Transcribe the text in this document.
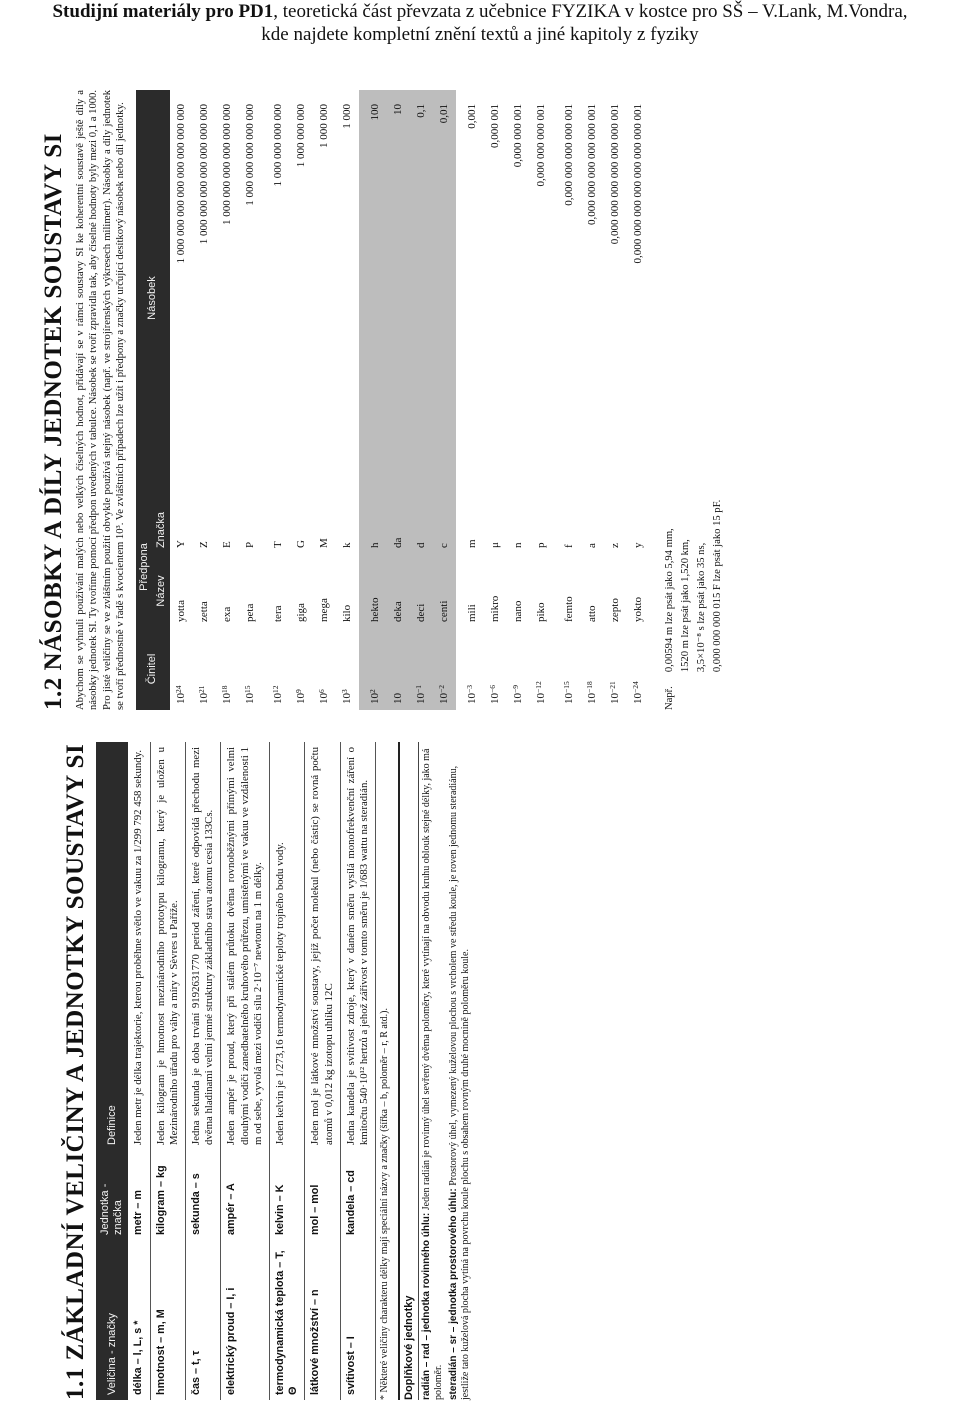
Studijní materiály pro PD1, teoretická část převzata z učebnice FYZIKA v kostce pro SŠ – V.Lank, M.Vondra,
kde najdete kompletní znění textů a jiné kapitoly z fyziky
1.1 ZÁKLADNÍ VELIČINY A JEDNOTKY SOUSTAVY SI Veličina - značky	Jednotka - značka	Definice
délka – l, L, s *	metr – m	Jeden metr je délka trajektorie, kterou proběhne světlo ve vakuu za 1/299 792 458 sekundy.
hmotnost – m, M	kilogram – kg	Jeden kilogram je hmotnost mezinárodního prototypu kilogramu, který je uložen u Mezinárodního úřadu pro váhy a míry v Sèvres u Paříže.
čas – t, τ	sekunda – s	Jedna sekunda je doba trvání 9192631770 period záření, které odpovídá přechodu mezi dvěma hladinami velmi jemné struktury základního stavu atomu cesia 133Cs.
elektrický proud – I, i	ampér – A	Jeden ampér je proud, který při stálém průtoku dvěma rovnoběžnými přímými velmi dlouhými vodiči zanedbatelného kruhového průřezu, umístěnými ve vakuu ve vzdálenosti 1 m od sebe, vyvolá mezi vodiči sílu 2·10⁻⁷ newtonu na 1 m délky.
termodynamická teplota – T, Θ	kelvin – K	Jeden kelvin je 1/273,16 termodynamické teploty trojného bodu vody.
látkové množství – n	mol – mol	Jeden mol je látkové množství soustavy, jejíž počet molekul (nebo částic) se rovná počtu atomů v 0,012 kg izotopu uhlíku 12C
svítivost – I	kandela – cd	Jedna kandela je svítivost zdroje, který v daném směru vysílá monofrekvenční záření o kmitočtu 540·10¹² hertzů a jehož zářivost v tomto směru je 1/683 wattu na steradián.
* Některé veličiny charakteru délky mají speciální názvy a značky (šířka – b, poloměr – r, R atd.).	Doplňkové jednotky radián – rad – jednotka rovinného úhlu: Jeden radián je rovinný úhel sevřený dvěma poloměry, které vytínají na obvodu kruhu oblouk stejné délky, jako má poloměr. steradián – sr – jednotka prostorového úhlu: Prostorový úhel, vymezený kuželovou plochou s vrcholem ve středu koule, je roven jednomu steradiánu, jestliže tato kuželová plocha vytíná na povrchu koule plochu s obsahem rovným druhé mocnině poloměru koule.

1.2 NÁSOBKY A DÍLY JEDNOTEK SOUSTAVY SI Abychom se vyhnuli používání malých nebo velkých číselných hodnot, přidávají se v rámci soustavy SI ke koherentní soustavě ještě díly a násobky jednotek SI. Ty tvoříme pomocí předpon uvedených v tabulce. Násobek se tvoří zpravidla tak, aby číselné hodnoty byly mezi 0,1 a 1000. Pro jisté veličiny se ve zvláštním použití obvykle používá stejný násobek (např. ve strojírenských výkresech milimetr). Násobky a díly jednotek se tvoří přednostně v řadě s kvocientem 10³. Ve zvláštních případech lze užít i předpony a značky určující desítkový násobek nebo díl jednotky. Činitel	Předpona		Násobek
	Název	Značka	
$10^{24}$	yotta	Y	1 000 000 000 000 000 000 000 000
$10^{21}$	zetta	Z	1 000 000 000 000 000 000 000
$10^{18}$	exa	E	1 000 000 000 000 000 000
$10^{15}$	peta	P	1 000 000 000 000 000
$10^{12}$	tera	T	1 000 000 000 000
$10^9$	giga	G	1 000 000 000
$10^6$	mega	M	1 000 000
$10^3$	kilo	k	1 000
$10^2$	hekto	h	100
10	deka	da	10
$10^{-1}$	deci	d	0,1
$10^{-2}$	centi	c	0,01
$10^{-3}$	mili	m	0,001
$10^{-6}$	mikro	μ	0,000 001
$10^{-9}$	nano	n	0,000 000 001
$10^{-12}$	piko	p	0,000 000 000 001
$10^{-15}$	femto	f	0,000 000 000 000 001
$10^{-18}$	atto	a	0,000 000 000 000 000 001
$10^{-21}$	zepto	z	0,000 000 000 000 000 000 001
$10^{-24}$	yokto	y	0,000 000 000 000 000 000 000 001
Např.
0,00594 m lze psát jako 5,94 mm, 1520 m lze psát jako 1,520 km, 3,5×10⁻⁸ s lze psát jako 35 ns, 0,000 000 000 015 F lze psát jako 15 pF.
